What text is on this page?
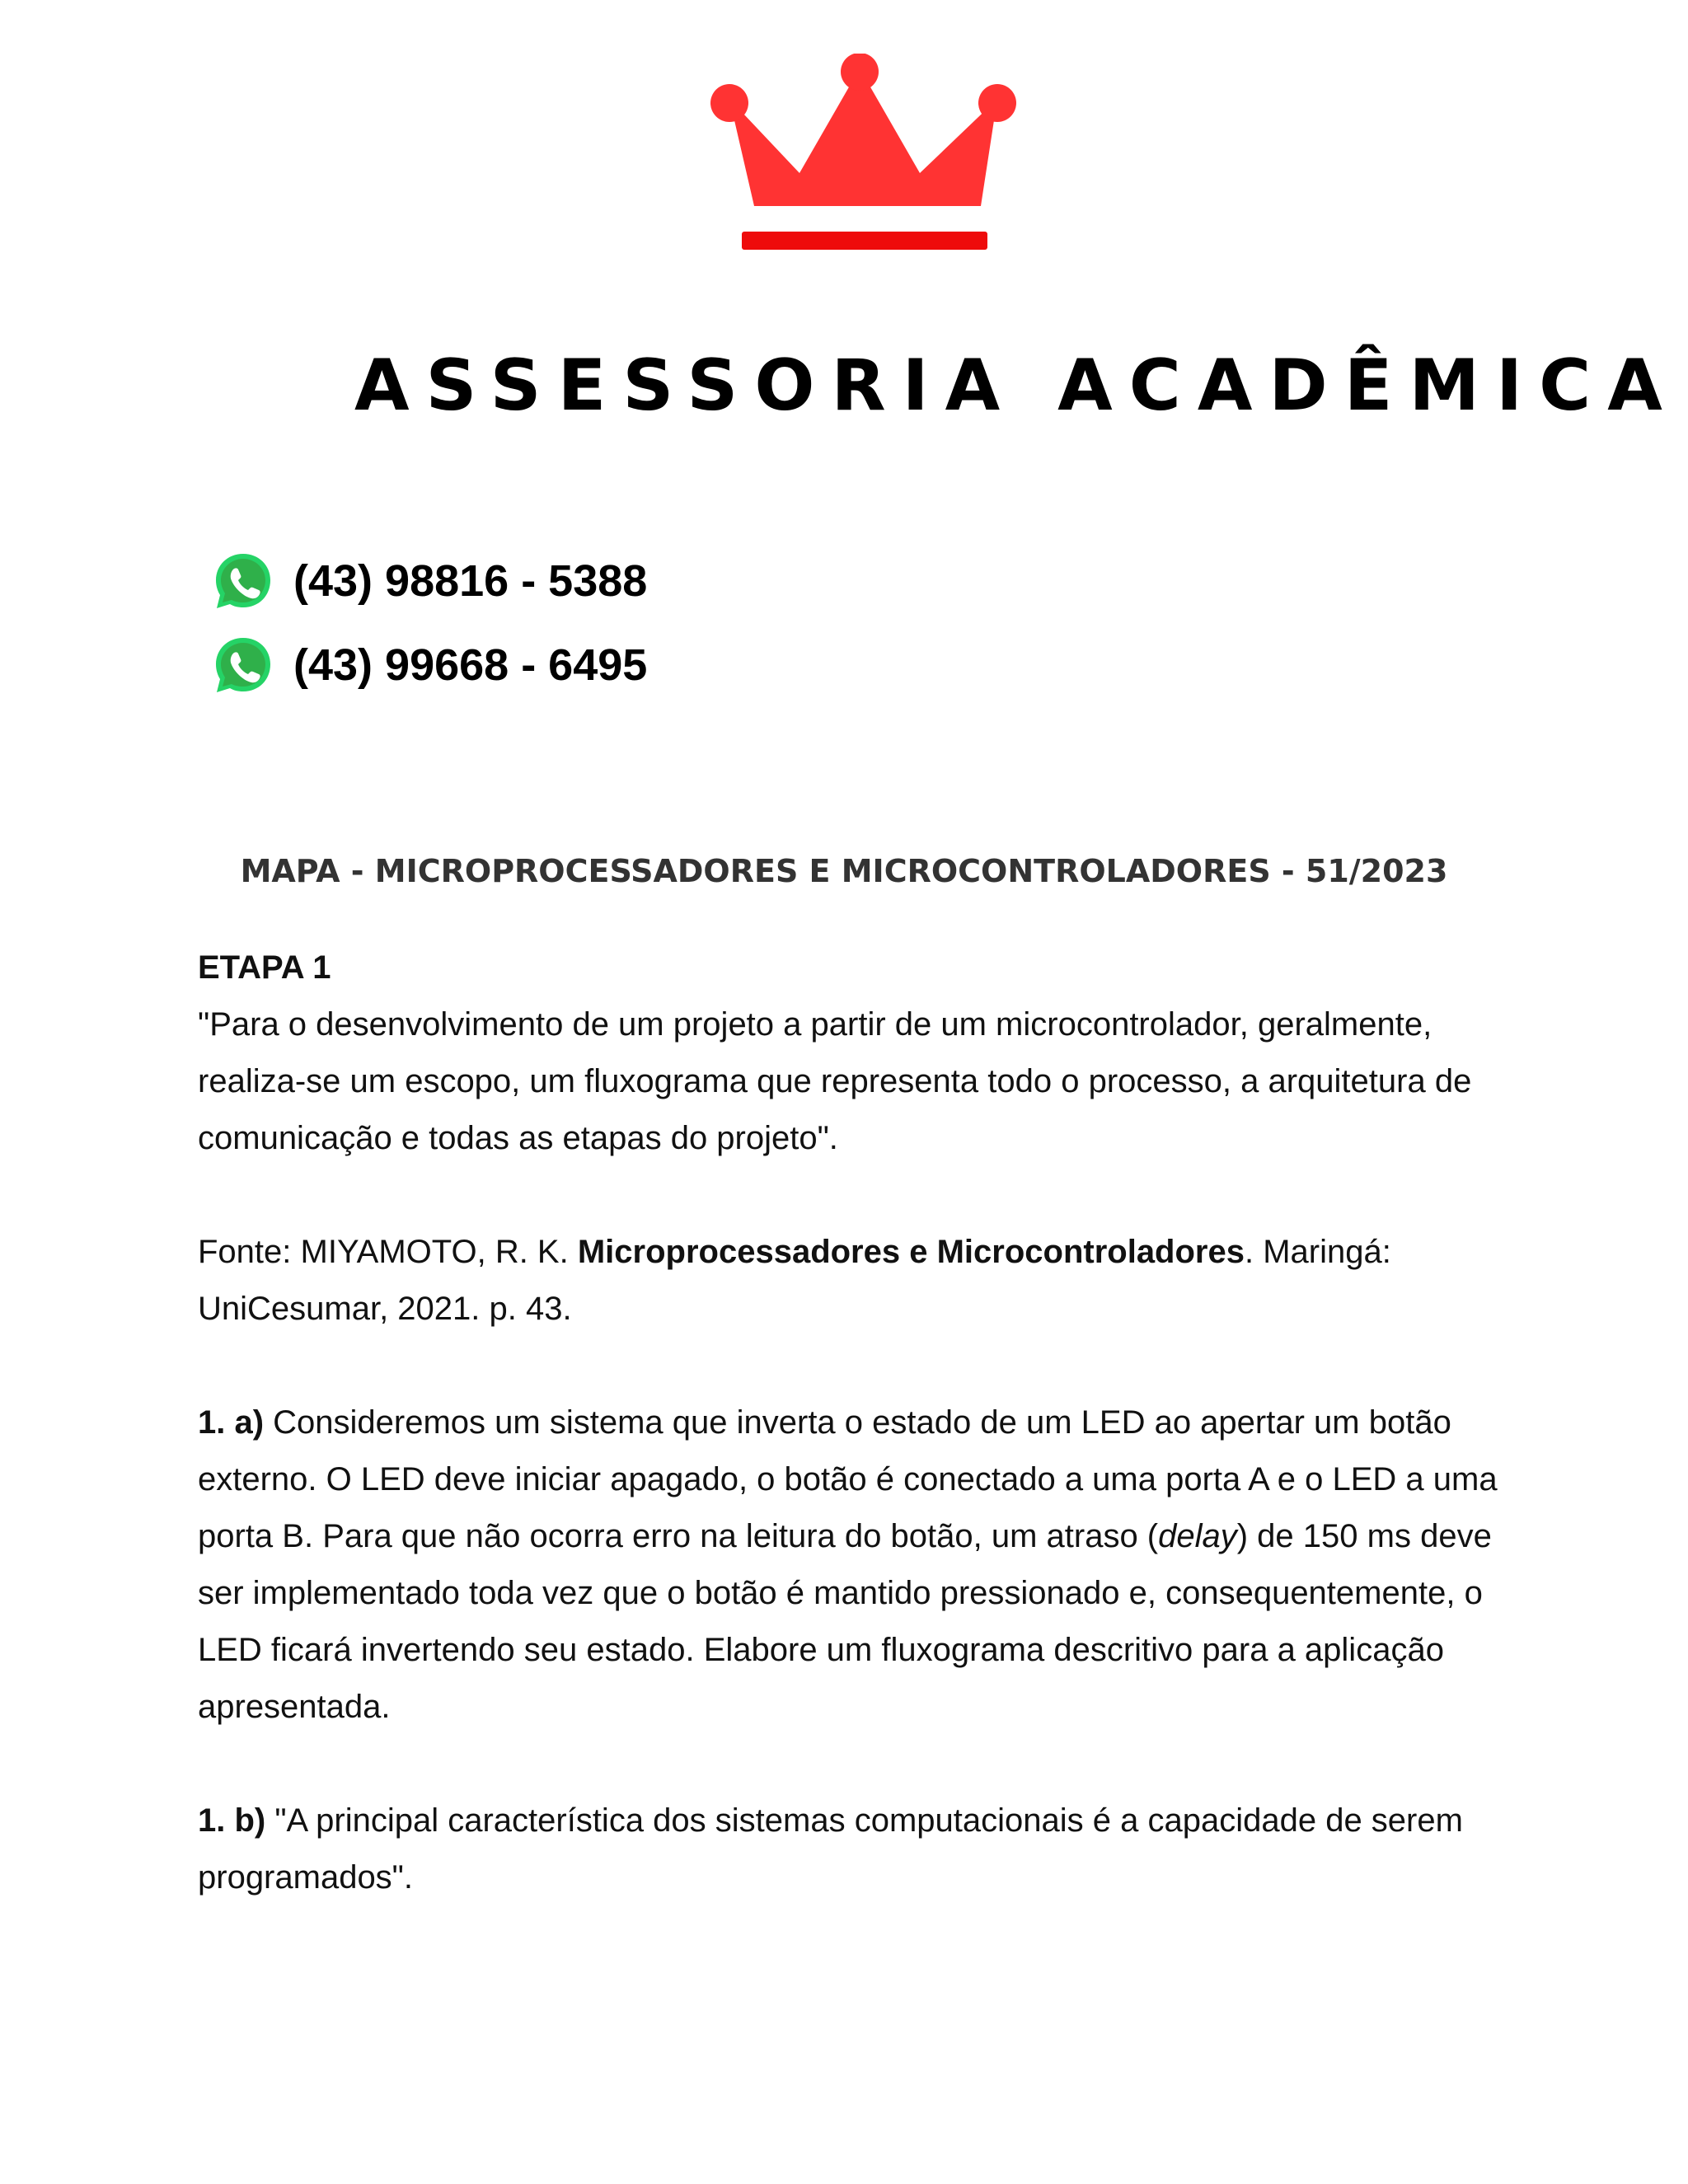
ASSESSORIA ACADÊMICA
(43) 98816 - 5388
(43) 99668 - 6495
MAPA - MICROPROCESSADORES E MICROCONTROLADORES - 51/2023

ETAPA 1

"Para o desenvolvimento de um projeto a partir de um microcontrolador, geralmente, realiza-se um escopo, um fluxograma que representa todo o processo, a arquitetura de comunicação e todas as etapas do projeto".

Fonte: MIYAMOTO, R. K. Microprocessadores e Microcontroladores. Maringá: UniCesumar, 2021. p. 43.

1. a) Consideremos um sistema que inverta o estado de um LED ao apertar um botão externo. O LED deve iniciar apagado, o botão é conectado a uma porta A e o LED a uma porta B. Para que não ocorra erro na leitura do botão, um atraso (delay) de 150 ms deve ser implementado toda vez que o botão é mantido pressionado e, consequentemente, o LED ficará invertendo seu estado. Elabore um fluxograma descritivo para a aplicação apresentada.

1. b) "A principal característica dos sistemas computacionais é a capacidade de serem programados".
